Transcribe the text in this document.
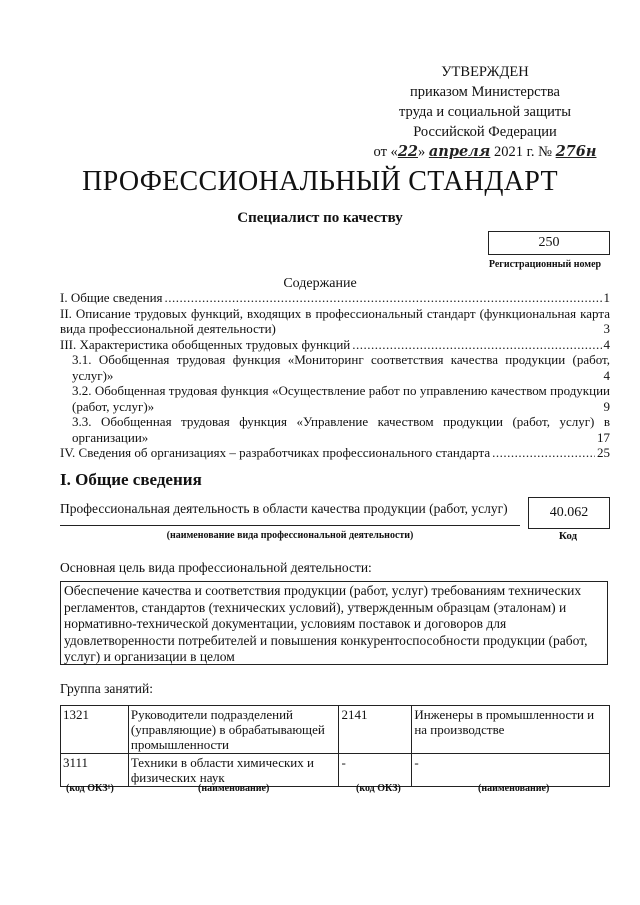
УТВЕРЖДЕН
приказом Министерства
труда и социальной защиты
Российской Федерации
от «22» апреля 2021 г. № 276н
ПРОФЕССИОНАЛЬНЫЙ СТАНДАРТ
Специалист по качеству
250
Регистрационный номер
Содержание
I. Общие сведения .....	1
II. Описание трудовых функций, входящих в профессиональный стандарт (функциональная карта вида профессиональной деятельности)	3
III. Характеристика обобщенных трудовых функций .....	4
3.1. Обобщенная трудовая функция «Мониторинг соответствия качества продукции (работ, услуг)»	4
3.2. Обобщенная трудовая функция «Осуществление работ по управлению качеством продукции (работ, услуг)»	9
3.3. Обобщенная трудовая функция «Управление качеством продукции (работ, услуг) в организации»	17
IV. Сведения об организациях – разработчиках профессионального стандарта .....	25
I. Общие сведения
Профессиональная деятельность в области качества продукции (работ, услуг)
(наименование вида профессиональной деятельности)
40.062
Код
Основная цель вида профессиональной деятельности:
Обеспечение качества и соответствия продукции (работ, услуг) требованиям технических регламентов, стандартов (технических условий), утвержденным образцам (эталонам) и нормативно-технической документации, условиям поставок и договоров для удовлетворенности потребителей и повышения конкурентоспособности продукции (работ, услуг) и организации в целом
Группа занятий:
1321	Руководители подразделений (управляющие) в обрабатывающей промышленности	2141	Инженеры в промышленности и на производстве
3111	Техники в области химических и физических наук	-	-
(код ОКЗ¹)	(наименование)	(код ОКЗ)	(наименование)
